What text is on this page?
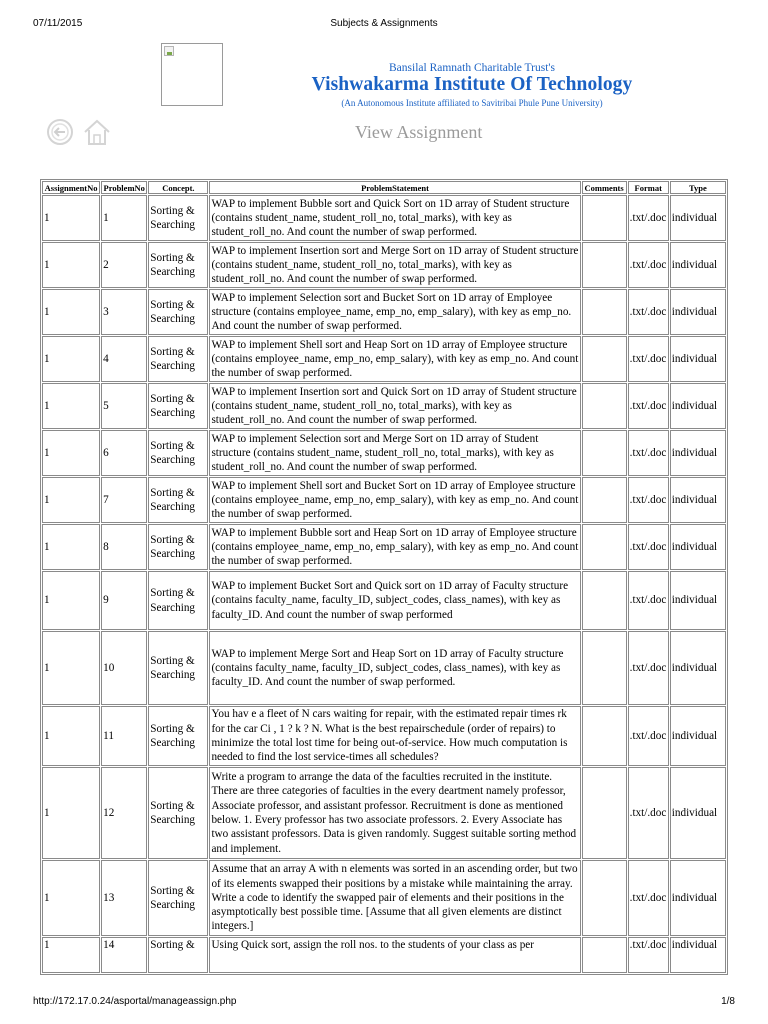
07/11/2015	Subjects & Assignments
Bansilal Ramnath Charitable Trust's
Vishwakarma Institute Of Technology
(An Autonomous Institute affiliated to Savitribai Phule Pune University)
View Assignment
AssignmentNo	ProblemNo	Concept.	ProblemStatement	Comments	Format	Type
1	1	Sorting & Searching	WAP to implement Bubble sort and Quick Sort on 1D array of Student structure (contains student_name, student_roll_no, total_marks), with key as student_roll_no. And count the number of swap performed.		.txt/.doc	individual
1	2	Sorting & Searching	WAP to implement Insertion sort and Merge Sort on 1D array of Student structure (contains student_name, student_roll_no, total_marks), with key as student_roll_no. And count the number of swap performed.		.txt/.doc	individual
1	3	Sorting & Searching	WAP to implement Selection sort and Bucket Sort on 1D array of Employee structure (contains employee_name, emp_no, emp_salary), with key as emp_no. And count the number of swap performed.		.txt/.doc	individual
1	4	Sorting & Searching	WAP to implement Shell sort and Heap Sort on 1D array of Employee structure (contains employee_name, emp_no, emp_salary), with key as emp_no. And count the number of swap performed.		.txt/.doc	individual
1	5	Sorting & Searching	WAP to implement Insertion sort and Quick Sort on 1D array of Student structure (contains student_name, student_roll_no, total_marks), with key as student_roll_no. And count the number of swap performed.		.txt/.doc	individual
1	6	Sorting & Searching	WAP to implement Selection sort and Merge Sort on 1D array of Student structure (contains student_name, student_roll_no, total_marks), with key as student_roll_no. And count the number of swap performed.		.txt/.doc	individual
1	7	Sorting & Searching	WAP to implement Shell sort and Bucket Sort on 1D array of Employee structure (contains employee_name, emp_no, emp_salary), with key as emp_no. And count the number of swap performed.		.txt/.doc	individual
1	8	Sorting & Searching	WAP to implement Bubble sort and Heap Sort on 1D array of Employee structure (contains employee_name, emp_no, emp_salary), with key as emp_no. And count the number of swap performed.		.txt/.doc	individual
1	9	Sorting & Searching	WAP to implement Bucket Sort and Quick sort on 1D array of Faculty structure (contains faculty_name, faculty_ID, subject_codes, class_names), with key as faculty_ID. And count the number of swap performed		.txt/.doc	individual
1	10	Sorting & Searching	WAP to implement Merge Sort and Heap Sort on 1D array of Faculty structure (contains faculty_name, faculty_ID, subject_codes, class_names), with key as faculty_ID. And count the number of swap performed.		.txt/.doc	individual
1	11	Sorting & Searching	You hav e a fleet of N cars waiting for repair, with the estimated repair times rk for the car Ci , 1 ? k ? N. What is the best repairschedule (order of repairs) to minimize the total lost time for being out-of-service. How much computation is needed to find the lost service-times all schedules?		.txt/.doc	individual
1	12	Sorting & Searching	Write a program to arrange the data of the faculties recruited in the institute. There are three categories of faculties in the every deartment namely professor, Associate professor, and assistant professor. Recruitment is done as mentioned below. 1. Every professor has two associate professors. 2. Every Associate has two assistant professors. Data is given randomly. Suggest suitable sorting method and implement.		.txt/.doc	individual
1	13	Sorting & Searching	Assume that an array A with n elements was sorted in an ascending order, but two of its elements swapped their positions by a mistake while maintaining the array. Write a code to identify the swapped pair of elements and their positions in the asymptotically best possible time. [Assume that all given elements are distinct integers.]		.txt/.doc	individual
1	14	Sorting &	Using Quick sort, assign the roll nos. to the students of your class as per		.txt/.doc	individual
http://172.17.0.24/asportal/manageassign.php	1/8
